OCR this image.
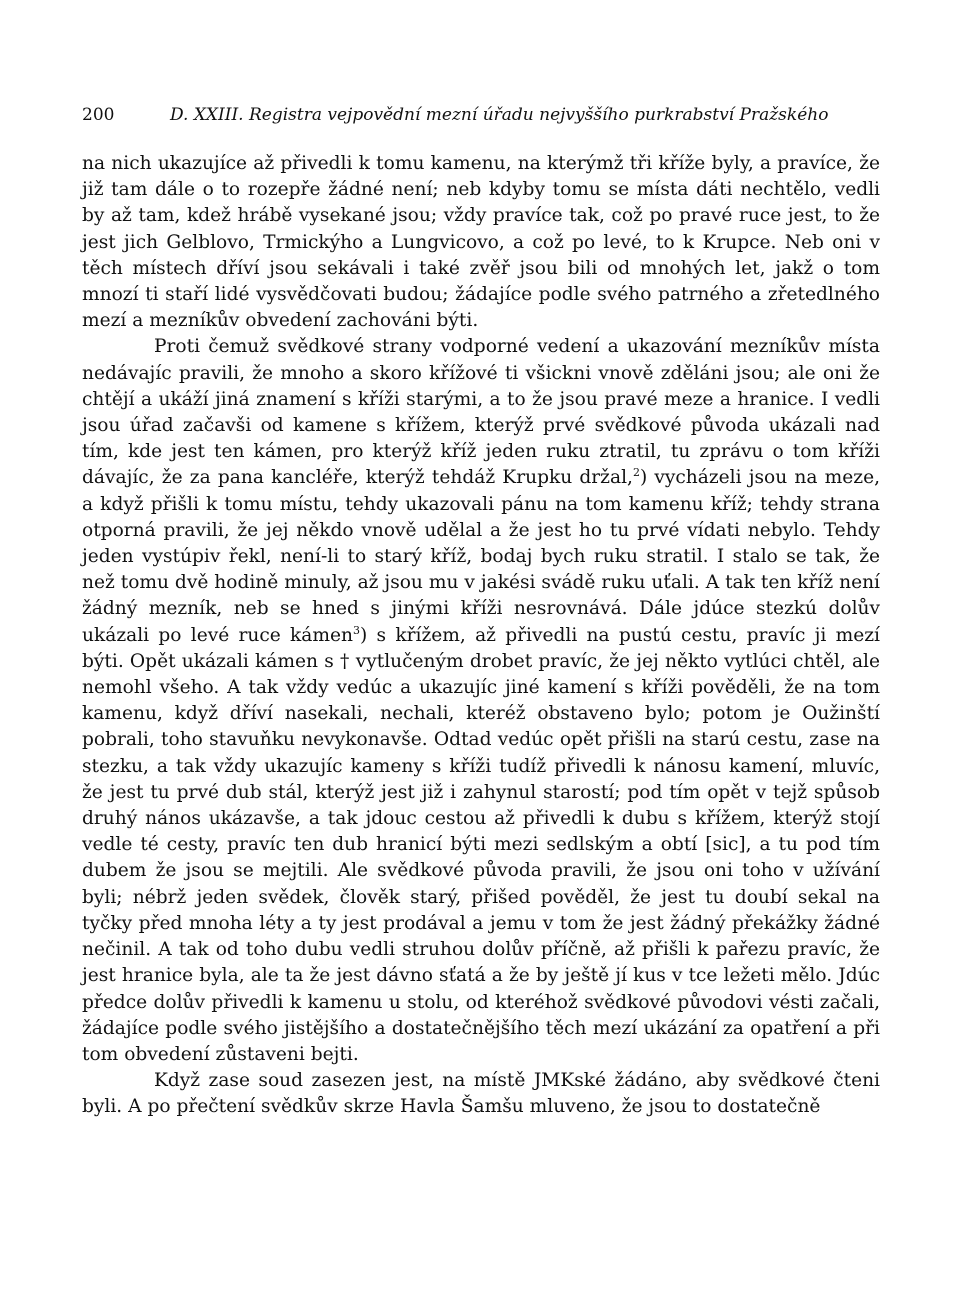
200	D. XXIII. Registra vejpovědní mezní úřadu nejvyššího purkrabství Pražského

na nich ukazujíce až přivedli k tomu kamenu, na kterýmž tři kříže byly, a pravíce, že již tam dále o to rozepře žádné není; neb kdyby tomu se místa dáti nechtělo, vedli by až tam, kdež hrábě vysekané jsou; vždy pravíce tak, což po pravé ruce jest, to že jest jich Gelblovo, Trmickýho a Lungvicovo, a což po levé, to k Krupce. Neb oni v těch místech dříví jsou sekávali i také zvěř jsou bili od mnohých let, jakž o tom mnozí ti staří lidé vysvědčovati budou; žádajíce podle svého patrného a zřetedlného mezí a mezníkův obvedení zachováni býti.

Proti čemuž svědkové strany vodporné vedení a ukazování mezníkův místa nedávajíc pravili, že mnoho a skoro křížové ti všickni vnově zděláni jsou; ale oni že chtějí a ukáží jiná znamení s kříži starými, a to že jsou pravé meze a hranice. I vedli jsou úřad začavši od kamene s křížem, kterýž prvé svědkové původa ukázali nad tím, kde jest ten kámen, pro kterýž kříž jeden ruku ztratil, tu zprávu o tom kříži dávajíc, že za pana kancléře, kterýž tehdáž Krupku držal,$^2$) vycházeli jsou na meze, a když přišli k tomu místu, tehdy ukazovali pánu na tom kamenu kříž; tehdy strana otporná pravili, že jej někdo vnově udělal a že jest ho tu prvé vídati nebylo. Tehdy jeden vystúpiv řekl, není-li to starý kříž, bodaj bych ruku stratil. I stalo se tak, že než tomu dvě hodině minuly, až jsou mu v jakési svádě ruku uťali. A tak ten kříž není žádný mezník, neb se hned s jinými kříži nesrovnává. Dále jdúce stezkú dolův ukázali po levé ruce kámen$^3$) s křížem, až přivedli na pustú cestu, pravíc ji mezí býti. Opět ukázali kámen s † vytlučeným drobet pravíc, že jej někto vytlúci chtěl, ale nemohl všeho. A tak vždy vedúc a ukazujíc jiné kamení s kříži pověděli, že na tom kamenu, když dříví nasekali, nechali, kteréž obstaveno bylo; potom je Oužinští pobrali, toho stavuňku nevykonavše. Odtad vedúc opět přišli na starú cestu, zase na stezku, a tak vždy ukazujíc kameny s kříži tudíž přivedli k nánosu kamení, mluvíc, že jest tu prvé dub stál, kterýž jest již i zahynul starostí; pod tím opět v tejž spůsob druhý nános ukázavše, a tak jdouc cestou až přivedli k dubu s křížem, kterýž stojí vedle té cesty, pravíc ten dub hranicí býti mezi sedlským a obtí [sic], a tu pod tím dubem že jsou se mejtili. Ale svědkové původa pravili, že jsou oni toho v užívání byli; nébrž jeden svědek, člověk starý, přišed pověděl, že jest tu doubí sekal na tyčky před mnoha léty a ty jest prodával a jemu v tom že jest žádný překážky žádné nečinil. A tak od toho dubu vedli struhou dolův příčně, až přišli k pařezu pravíc, že jest hranice byla, ale ta že jest dávno sťatá a že by ještě jí kus v tce ležeti mělo. Jdúc předce dolův přivedli k kamenu u stolu, od kteréhož svědkové původovi vésti začali, žádajíce podle svého jistějšího a dostatečnějšího těch mezí ukázání za opatření a při tom obvedení zůstaveni bejti.

Když zase soud zasezen jest, na místě JMKské žádáno, aby svědkové čteni byli. A po přečtení svědkův skrze Havla Šamšu mluveno, že jsou to dostatečně
